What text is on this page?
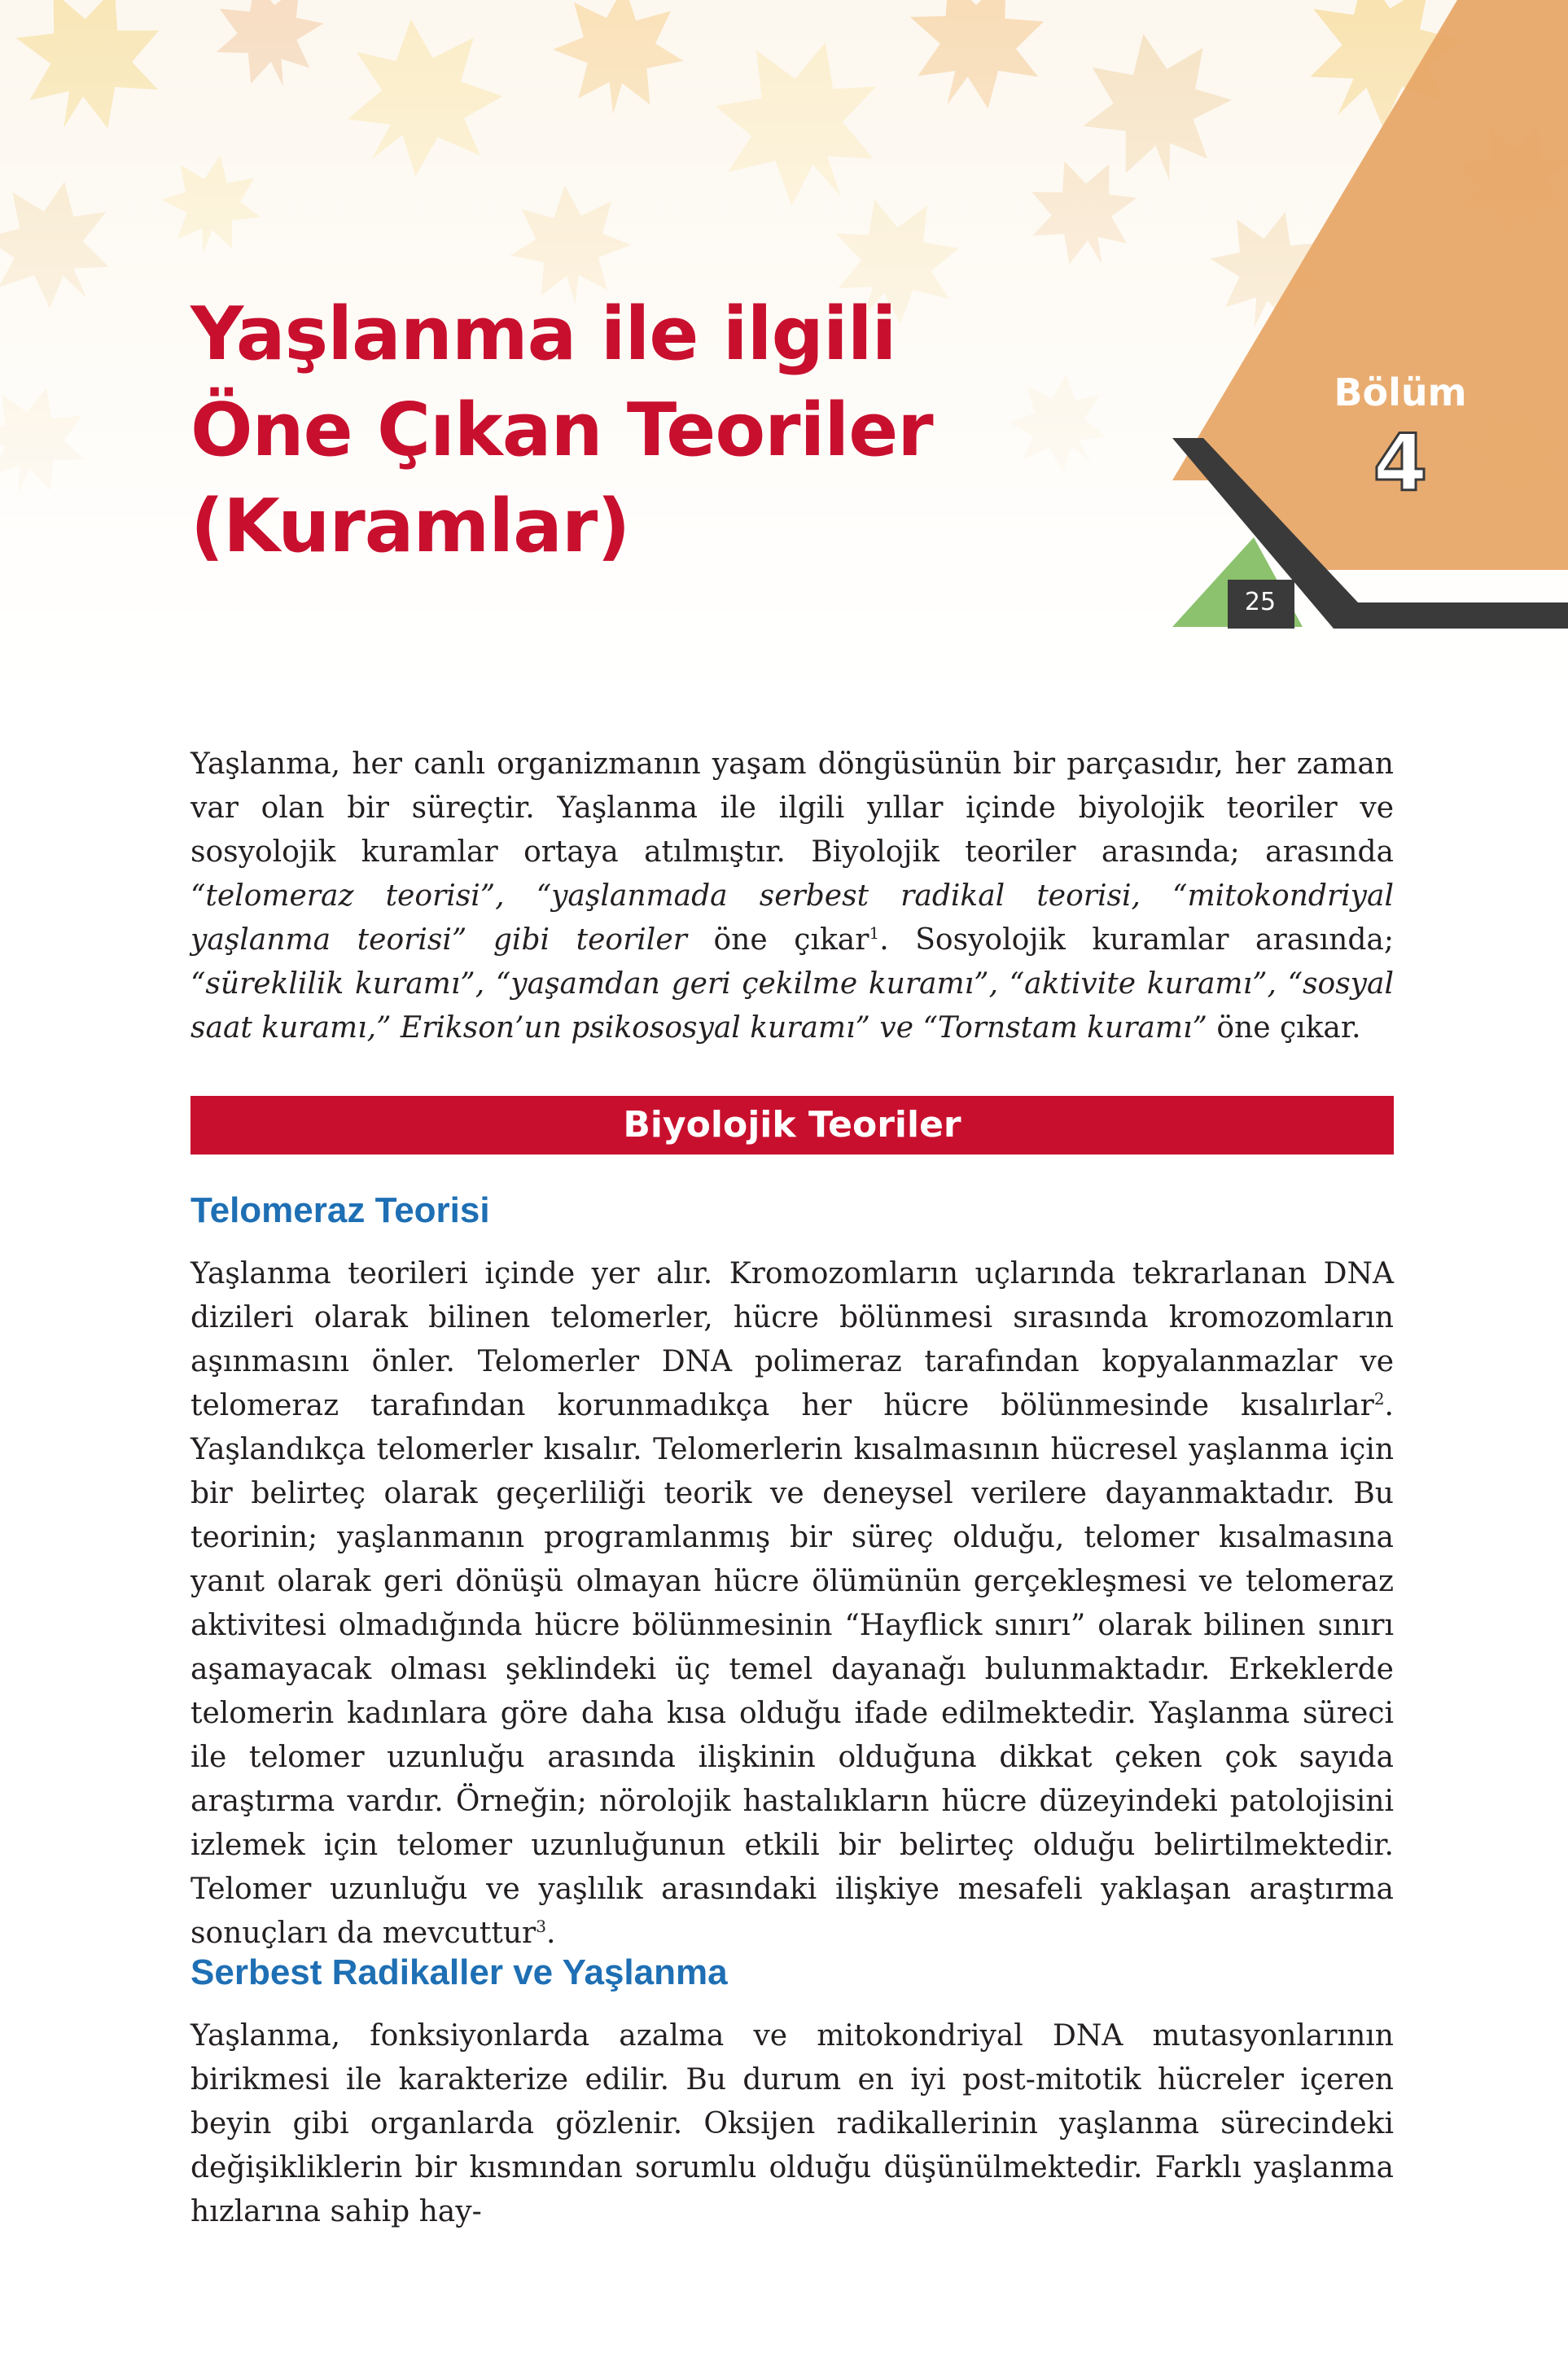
Bölüm
4
25
Yaşlanma ile ilgili
Öne Çıkan Teoriler
(Kuramlar)

Yaşlanma, her canlı organizmanın yaşam döngüsünün bir parçasıdır, her zaman var olan bir süreçtir. Yaşlanma ile ilgili yıllar içinde biyolojik teoriler ve sosyolojik kuramlar ortaya atılmıştır. Biyolojik teoriler arasında; arasında “telomeraz teorisi”, “yaşlanmada serbest radikal teorisi, “mitokondriyal yaşlanma teorisi” gibi teoriler öne çıkar$^1$. Sosyolojik kuramlar arasında; “süreklilik kuramı”, “yaşamdan geri çekilme kuramı”, “aktivite kuramı”, “sosyal saat kuramı,” Erikson’un psikososyal kuramı” ve “Tornstam kuramı” öne çıkar.

Biyolojik Teoriler
Telomeraz Teorisi

Yaşlanma teorileri içinde yer alır. Kromozomların uçlarında tekrarlanan DNA dizileri olarak bilinen telomerler, hücre bölünmesi sırasında kromozomların aşınmasını önler. Telomerler DNA polimeraz tarafından kopyalanmazlar ve telomeraz tarafından korunmadıkça her hücre bölünmesinde kısalırlar$^2$. Yaşlandıkça telomerler kısalır. Telomerlerin kısalmasının hücresel yaşlanma için bir belirteç olarak geçerliliği teorik ve deneysel verilere dayanmaktadır. Bu teorinin; yaşlanmanın programlanmış bir süreç olduğu, telomer kısalmasına yanıt olarak geri dönüşü olmayan hücre ölümünün gerçekleşmesi ve telomeraz aktivitesi olmadığında hücre bölünmesinin “Hayflick sınırı” olarak bilinen sınırı aşamayacak olması şeklindeki üç temel dayanağı bulunmaktadır. Erkeklerde telomerin kadınlara göre daha kısa olduğu ifade edilmektedir. Yaşlanma süreci ile telomer uzunluğu arasında ilişkinin olduğuna dikkat çeken çok sayıda araştırma vardır. Örneğin; nörolojik hastalıkların hücre düzeyindeki patolojisini izlemek için telomer uzunluğunun etkili bir belirteç olduğu belirtilmektedir. Telomer uzunluğu ve yaşlılık arasındaki ilişkiye mesafeli yaklaşan araştırma sonuçları da mevcuttur$^3$.

Serbest Radikaller ve Yaşlanma

Yaşlanma, fonksiyonlarda azalma ve mitokondriyal DNA mutasyonlarının birikmesi ile karakterize edilir. Bu durum en iyi post-mitotik hücreler içeren beyin gibi organlarda gözlenir. Oksijen radikallerinin yaşlanma sürecindeki değişikliklerin bir kısmından sorumlu olduğu düşünülmektedir. Farklı yaşlanma hızlarına sahip hay-
